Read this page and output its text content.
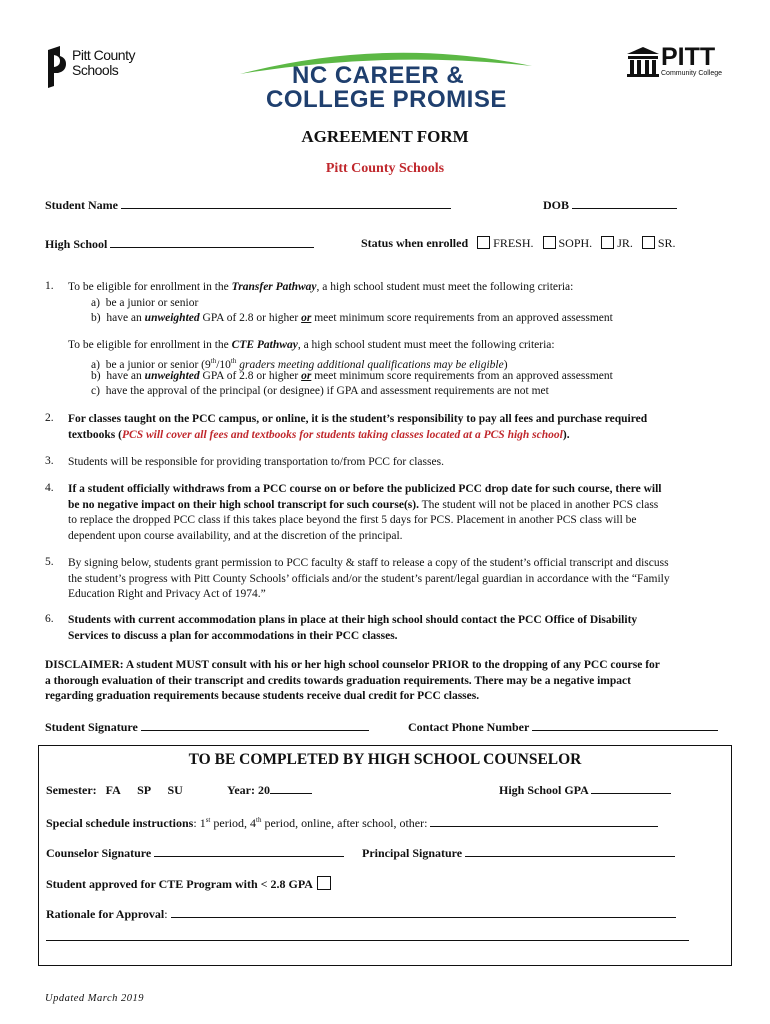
Pitt County
Schools	NC CAREER &
COLLEGE PROMISE
PITT
Community College
AGREEMENT FORM
Pitt County Schools
Student Name	DOB
High School	Status when enrolled FRESH. SOPH. JR. SR.
1. To be eligible for enrollment in the Transfer Pathway, a high school student must meet the following criteria:
a) be a junior or senior
b) have an unweighted GPA of 2.8 or higher or meet minimum score requirements from an approved assessment
To be eligible for enrollment in the CTE Pathway, a high school student must meet the following criteria:
a) be a junior or senior (9th/10th graders meeting additional qualifications may be eligible)
b) have an unweighted GPA of 2.8 or higher or meet minimum score requirements from an approved assessment
c) have the approval of the principal (or designee) if GPA and assessment requirements are not met
2. For classes taught on the PCC campus, or online, it is the student’s responsibility to pay all fees and purchase required
textbooks (PCS will cover all fees and textbooks for students taking classes located at a PCS high school).
3. Students will be responsible for providing transportation to/from PCC for classes.
4. If a student officially withdraws from a PCC course on or before the publicized PCC drop date for such course, there will
be no negative impact on their high school transcript for such course(s). The student will not be placed in another PCS class
to replace the dropped PCC class if this takes place beyond the first 5 days for PCS. Placement in another PCS class will be
dependent upon course availability, and at the discretion of the principal.
5. By signing below, students grant permission to PCC faculty & staff to release a copy of the student’s official transcript and discuss
the student’s progress with Pitt County Schools’ officials and/or the student’s parent/legal guardian in accordance with the “Family
Education Right and Privacy Act of 1974.”
6. Students with current accommodation plans in place at their high school should contact the PCC Office of Disability
Services to discuss a plan for accommodations in their PCC classes.
DISCLAIMER: A student MUST consult with his or her high school counselor PRIOR to the dropping of any PCC course for
a thorough evaluation of their transcript and credits towards graduation requirements. There may be a negative impact
regarding graduation requirements because students receive dual credit for PCC classes.
Student Signature	Contact Phone Number
TO BE COMPLETED BY HIGH SCHOOL COUNSELOR
Semester: FA SP SU	Year: 20	High School GPA
Special schedule instructions: 1st period, 4th period, online, after school, other:
Counselor Signature	Principal Signature
Student approved for CTE Program with < 2.8 GPA
Rationale for Approval:
Updated March 2019
